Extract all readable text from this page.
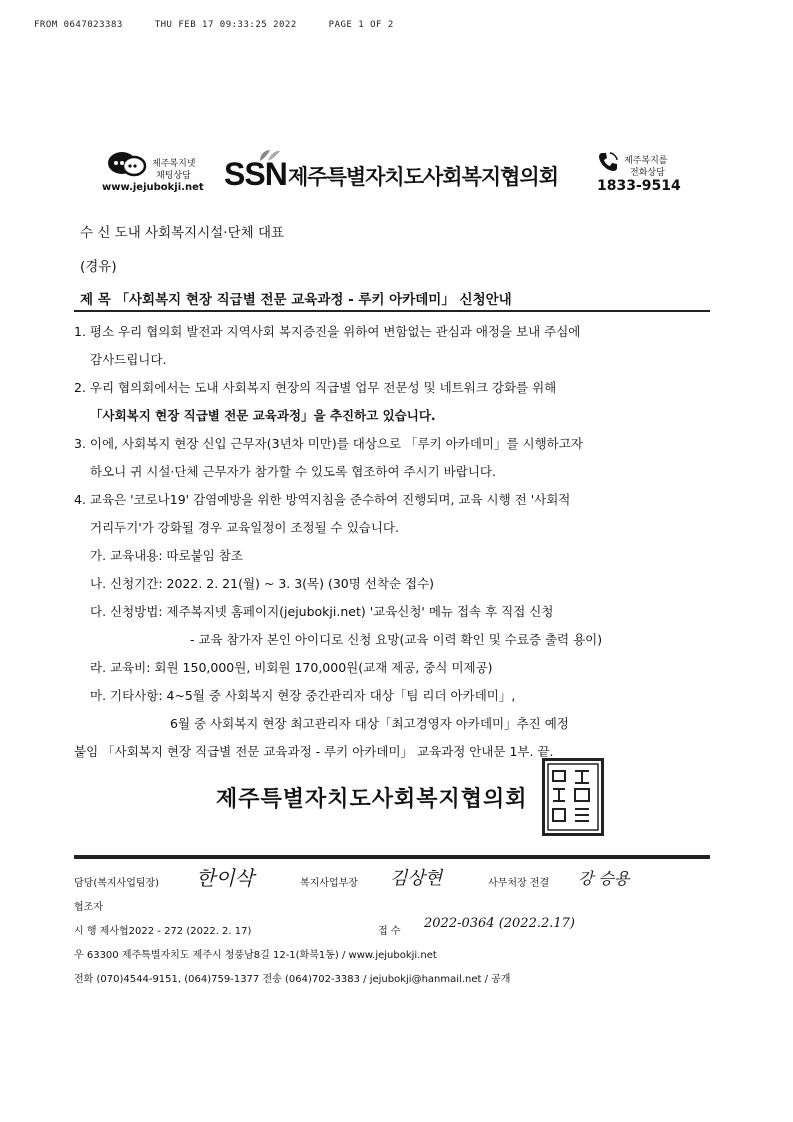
FROM 0647023383	THU FEB 17 09:33:25 2022	PAGE 1 OF 2
제주복지넷
채팅상담
www.jejubokji.net SSN 제주특별자치도사회복지협의회
제주복지를
전화상담
1833-9514
수 신 도내 사회복지시설·단체 대표
(경유)
제 목 「사회복지 현장 직급별 전문 교육과정 - 루키 아카데미」 신청안내
1. 평소 우리 협의회 발전과 지역사회 복지증진을 위하여 변함없는 관심과 애정을 보내 주심에
감사드립니다.
2. 우리 협의회에서는 도내 사회복지 현장의 직급별 업무 전문성 및 네트워크 강화를 위해
「사회복지 현장 직급별 전문 교육과정」을 추진하고 있습니다.
3. 이에, 사회복지 현장 신입 근무자(3년차 미만)를 대상으로 「루키 아카데미」를 시행하고자
하오니 귀 시설·단체 근무자가 참가할 수 있도록 협조하여 주시기 바랍니다.
4. 교육은 '코로나19' 감염예방을 위한 방역지침을 준수하여 진행되며, 교육 시행 전 '사회적
거리두기'가 강화될 경우 교육일정이 조정될 수 있습니다.
가. 교육내용: 따로붙임 참조
나. 신청기간: 2022. 2. 21(월) ~ 3. 3(목) (30명 선착순 접수)
다. 신청방법: 제주복지넷 홈페이지(jejubokji.net) '교육신청' 메뉴 접속 후 직접 신청
- 교육 참가자 본인 아이디로 신청 요망(교육 이력 확인 및 수료증 출력 용이)
라. 교육비: 회원 150,000원, 비회원 170,000원(교재 제공, 중식 미제공)
마. 기타사항: 4~5월 중 사회복지 현장 중간관리자 대상「팀 리더 아카데미」,
6월 중 사회복지 현장 최고관리자 대상「최고경영자 아카데미」추진 예정
붙임 「사회복지 현장 직급별 전문 교육과정 - 루키 아카데미」 교육과정 안내문 1부. 끝.
제주특별자치도사회복지협의회
담당(복지사업팀장) 한이삭	복지사업부장 김상현	사무처장 전결 강 승용
협조자
시 행 제사협2022 - 272 (2022. 2. 17)	접 수
2022-0364 (2022.2.17)
우 63300 제주특별자치도 제주시 청풍남8길 12-1(화북1동) / www.jejubokji.net
전화 (070)4544-9151, (064)759-1377 전송 (064)702-3383 / jejubokji@hanmail.net / 공개
